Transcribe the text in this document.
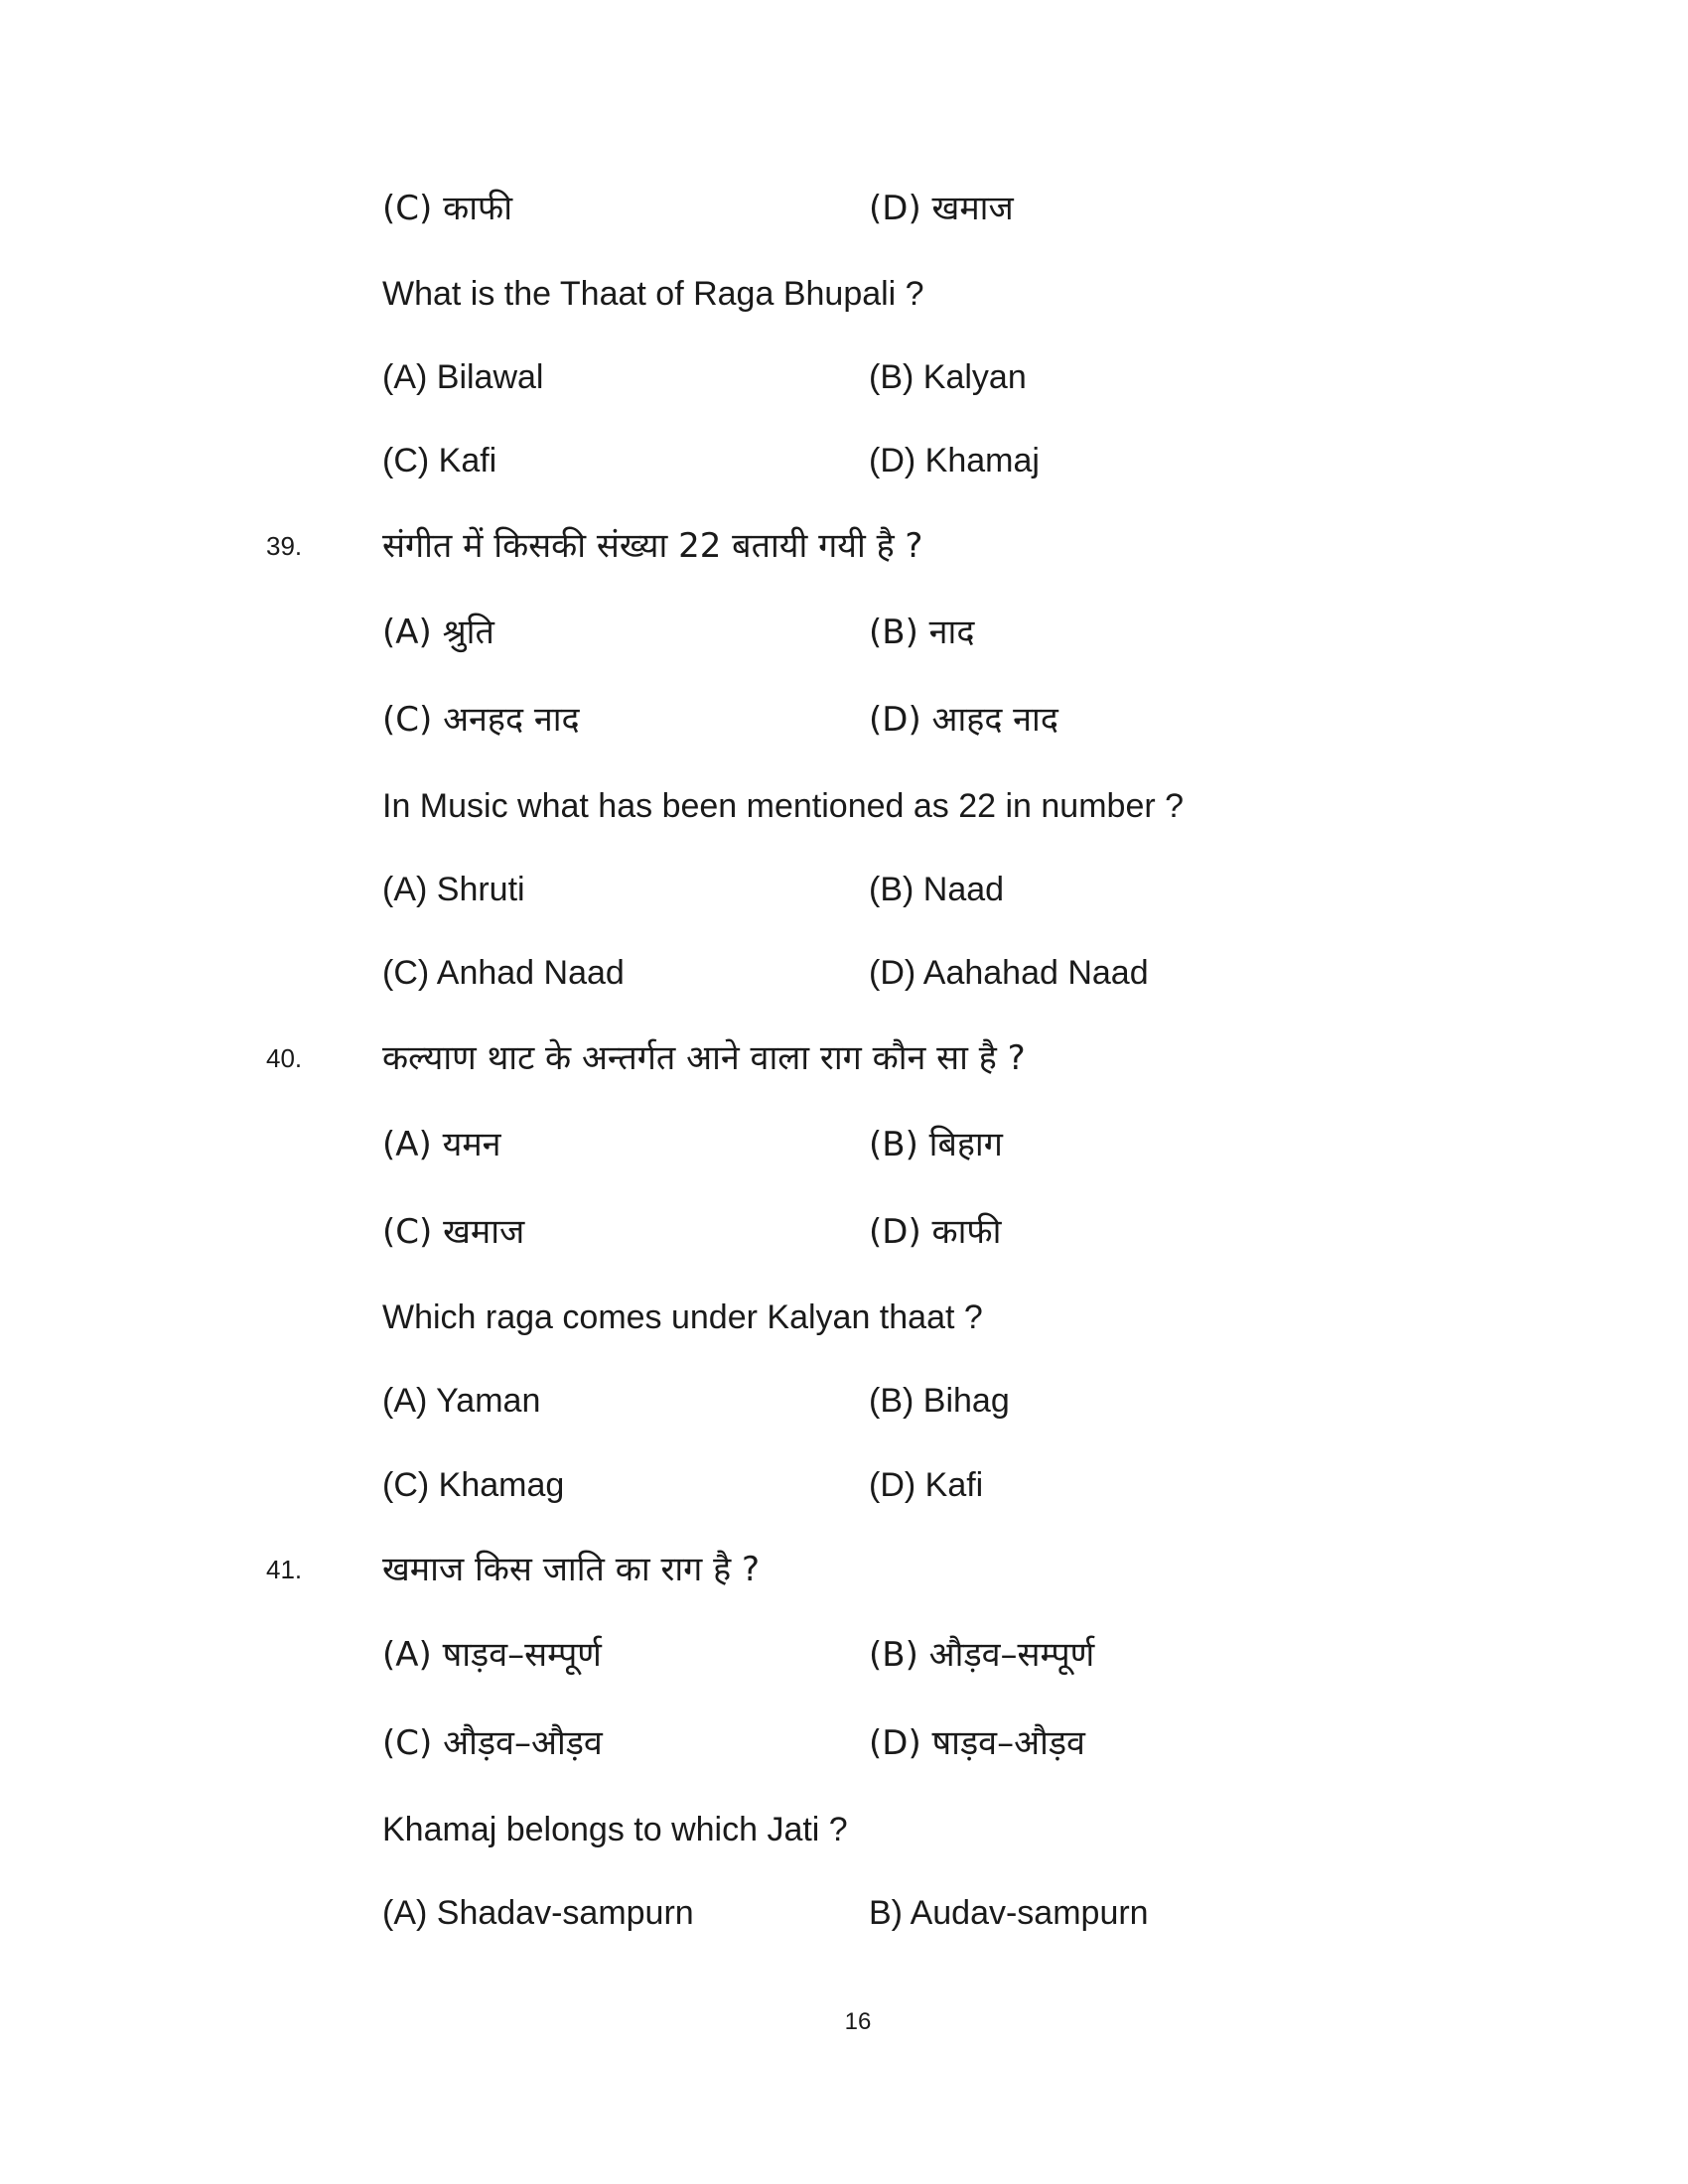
(C) काफी	(D) खमाज
What is the Thaat of Raga Bhupali ?
(A) Bilawal	(B) Kalyan
(C) Kafi	(D) Khamaj
39. संगीत में किसकी संख्या 22 बतायी गयी है ?
(A) श्रुति	(B) नाद
(C) अनहद नाद	(D) आहद नाद
In Music what has been mentioned as 22 in number ?
(A) Shruti	(B) Naad
(C) Anhad Naad	(D) Aahahad Naad
40. कल्याण थाट के अन्तर्गत आने वाला राग कौन सा है ?
(A) यमन	(B) बिहाग
(C) खमाज	(D) काफी
Which raga comes under Kalyan thaat ?
(A) Yaman	(B) Bihag
(C) Khamag	(D) Kafi
41. खमाज किस जाति का राग है ?
(A) षाड़व–सम्पूर्ण	(B) औड़व–सम्पूर्ण
(C) औड़व–औड़व	(D) षाड़व–औड़व
Khamaj belongs to which Jati ?
(A) Shadav-sampurn	B) Audav-sampurn
16
